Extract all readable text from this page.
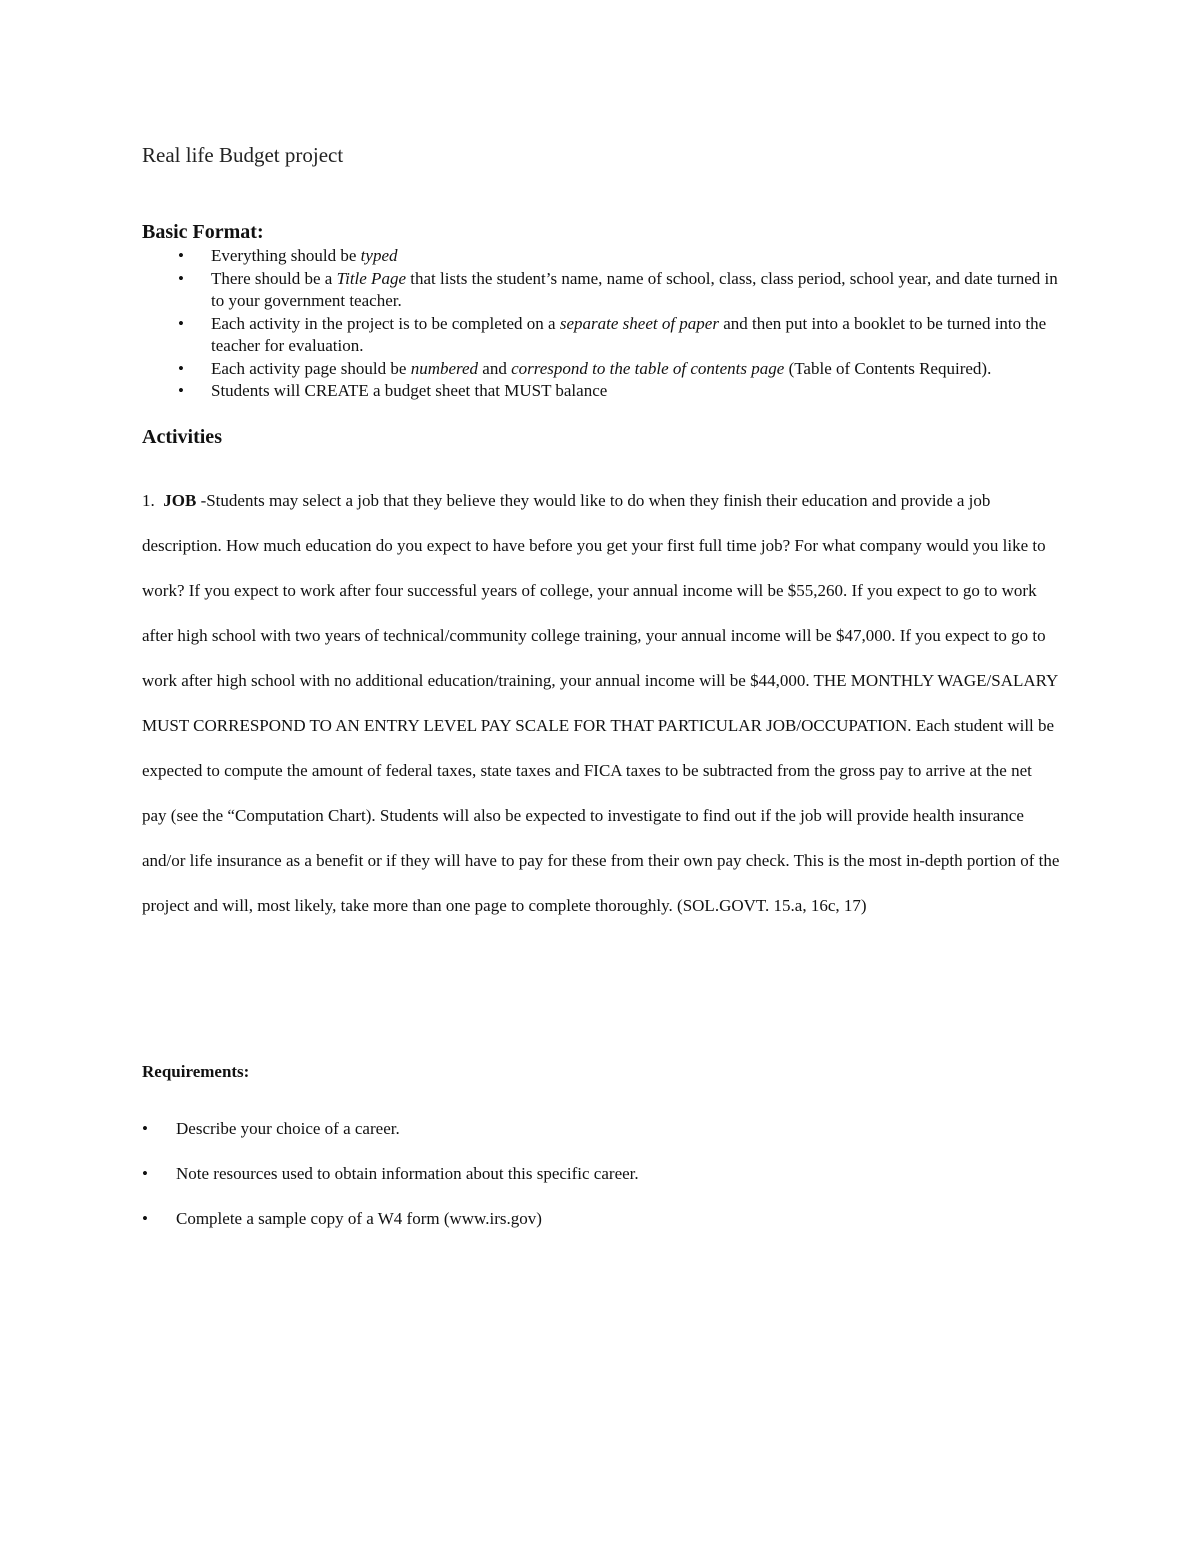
Real life Budget project
Basic Format:
• Everything should be typed
• There should be a Title Page that lists the student’s name, name of school, class, class period, school year, and date turned in to your government teacher.
• Each activity in the project is to be completed on a separate sheet of paper and then put into a booklet to be turned into the teacher for evaluation.
• Each activity page should be numbered and correspond to the table of contents page (Table of Contents Required).
• Students will CREATE a budget sheet that MUST balance
Activities

1. JOB -Students may select a job that they believe they would like to do when they finish their education and provide a job description. How much education do you expect to have before you get your first full time job? For what company would you like to work? If you expect to work after four successful years of college, your annual income will be $55,260. If you expect to go to work after high school with two years of technical/community college training, your annual income will be $47,000. If you expect to go to work after high school with no additional education/training, your annual income will be $44,000. THE MONTHLY WAGE/SALARY MUST CORRESPOND TO AN ENTRY LEVEL PAY SCALE FOR THAT PARTICULAR JOB/OCCUPATION. Each student will be expected to compute the amount of federal taxes, state taxes and FICA taxes to be subtracted from the gross pay to arrive at the net pay (see the “Computation Chart). Students will also be expected to investigate to find out if the job will provide health insurance and/or life insurance as a benefit or if they will have to pay for these from their own pay check. This is the most in-depth portion of the project and will, most likely, take more than one page to complete thoroughly. (SOL.GOVT. 15.a, 16c, 17)

Requirements:
• Describe your choice of a career.
• Note resources used to obtain information about this specific career.
• Complete a sample copy of a W4 form (www.irs.gov)
